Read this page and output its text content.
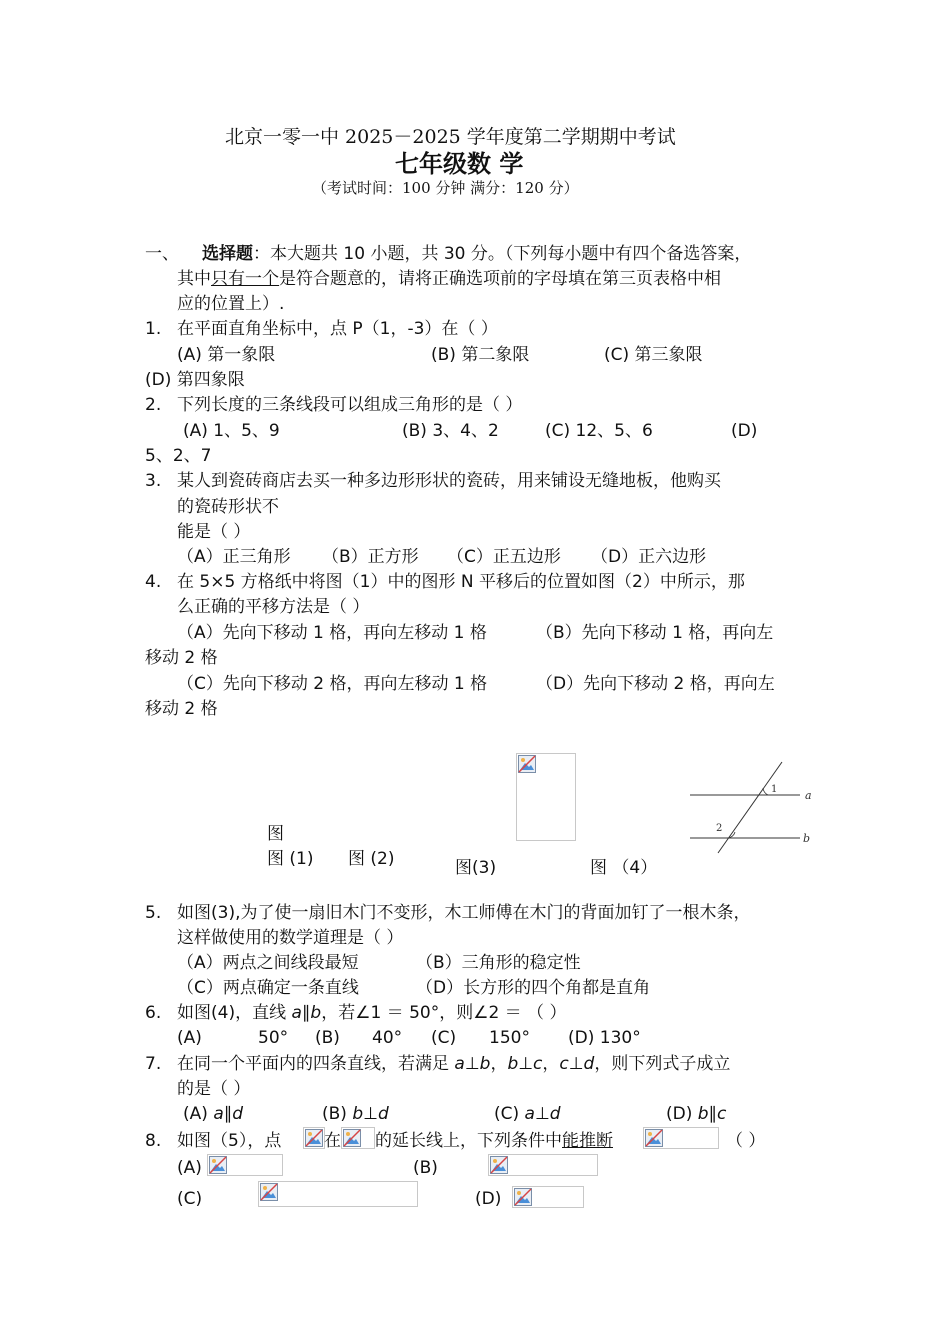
北京一零一中 2025－2025 学年度第二学期期中考试
七年级数 学
（考试时间：100 分钟 满分：120 分）
一、 选择题：本大题共 10 小题，共 30 分。（下列每小题中有四个备选答案，
其中只有一个是符合题意的，请将正确选项前的字母填在第三页表格中相
应的位置上）.
1. 在平面直角坐标中，点 P（1，-3）在（ ）
(A) 第一象限	(B) 第二象限	(C) 第三象限
(D) 第四象限
2. 下列长度的三条线段可以组成三角形的是（ ）
(A) 1、5、9	(B) 3、4、2	(C) 12、5、6	(D)
5、2、7
3. 某人到瓷砖商店去买一种多边形形状的瓷砖，用来铺设无缝地板，他购买
的瓷砖形状不
能是（ ）
（A）正三角形 （B）正方形 （C）正五边形 （D）正六边形
4. 在 5×5 方格纸中将图（1）中的图形 N 平移后的位置如图（2）中所示，那
么正确的平移方法是（ ）
（A）先向下移动 1 格，再向左移动 1 格	（B）先向下移动 1 格，再向左
移动 2 格
（C）先向下移动 2 格，再向左移动 1 格	（D）先向下移动 2 格，再向左
移动 2 格
图
图 (1) 图 (2)	图(3)
1
2
a
b
图 （4）
5. 如图(3),为了使一扇旧木门不变形，木工师傅在木门的背面加钉了一根木条，
这样做使用的数学道理是（ ）
（A）两点之间线段最短	（B）三角形的稳定性
（C）两点确定一条直线	（D）长方形的四个角都是直角
6. 如图(4)，直线 a∥b，若∠1 ＝ 50°，则∠2 ＝ （ ）
(A)	50° (B) 40° (C) 150° (D) 130°
7. 在同一个平面内的四条直线，若满足 a⊥b，b⊥c，c⊥d，则下列式子成立
的是（ ）
(A) a∥d	(B) b⊥d	(C) a⊥d	(D) b∥c
8. 如图（5），点	在 的延长线上，下列条件中能推断	（ ）
(A)	(B)
(C)	(D)
